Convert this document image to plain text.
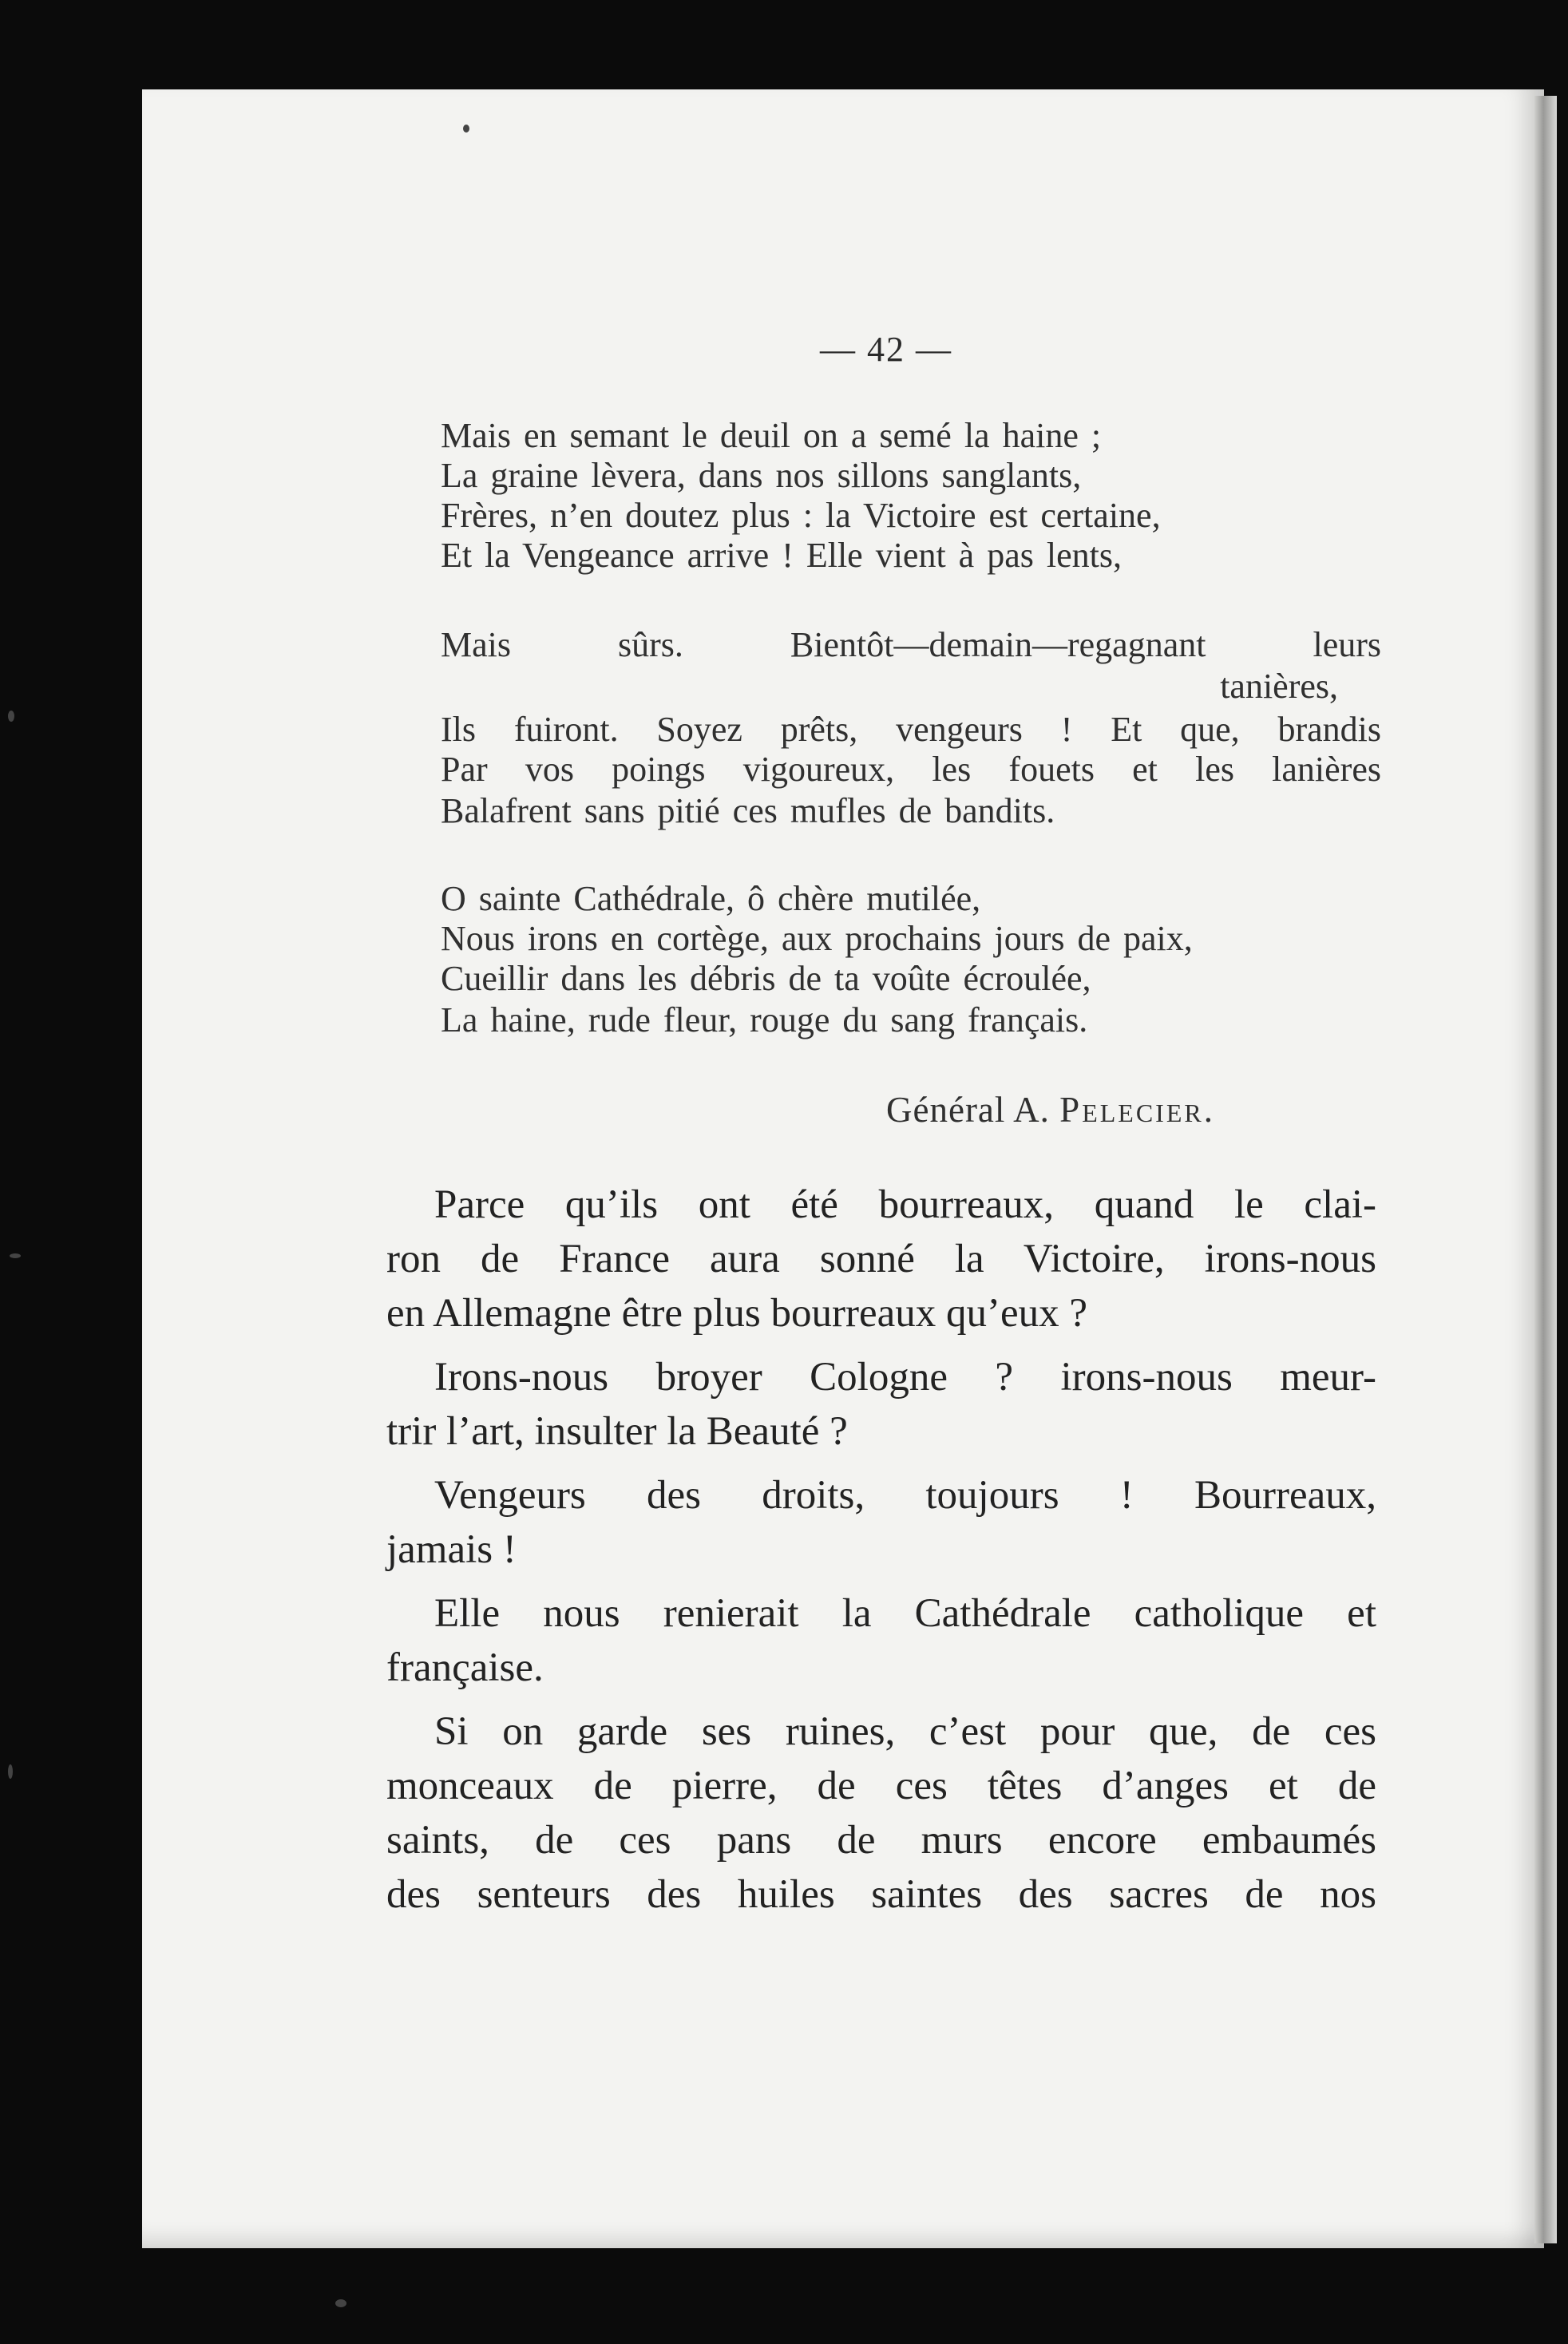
— 42 —
Mais en semant le deuil on a semé la haine ;
La graine lèvera, dans nos sillons sanglants,
Frères, n’en doutez plus : la Victoire est certaine,
Et la Vengeance arrive ! Elle vient à pas lents,
Mais sûrs. Bientôt—demain—regagnant leurs
tanières,
Ils fuiront. Soyez prêts, vengeurs ! Et que, brandis
Par vos poings vigoureux, les fouets et les lanières
Balafrent sans pitié ces mufles de bandits.
O sainte Cathédrale, ô chère mutilée,
Nous irons en cortège, aux prochains jours de paix,
Cueillir dans les débris de ta voûte écroulée,
La haine, rude fleur, rouge du sang français.
Général A. Pelecier.
Parce qu’ils ont été bourreaux, quand le clai-
ron de France aura sonné la Victoire, irons-nous
en Allemagne être plus bourreaux qu’eux ?
Irons-nous broyer Cologne ? irons-nous meur-
trir l’art, insulter la Beauté ?
Vengeurs des droits, toujours ! Bourreaux,
jamais !
Elle nous renierait la Cathédrale catholique et
française.
Si on garde ses ruines, c’est pour que, de ces
monceaux de pierre, de ces têtes d’anges et de
saints, de ces pans de murs encore embaumés
des senteurs des huiles saintes des sacres de nos
